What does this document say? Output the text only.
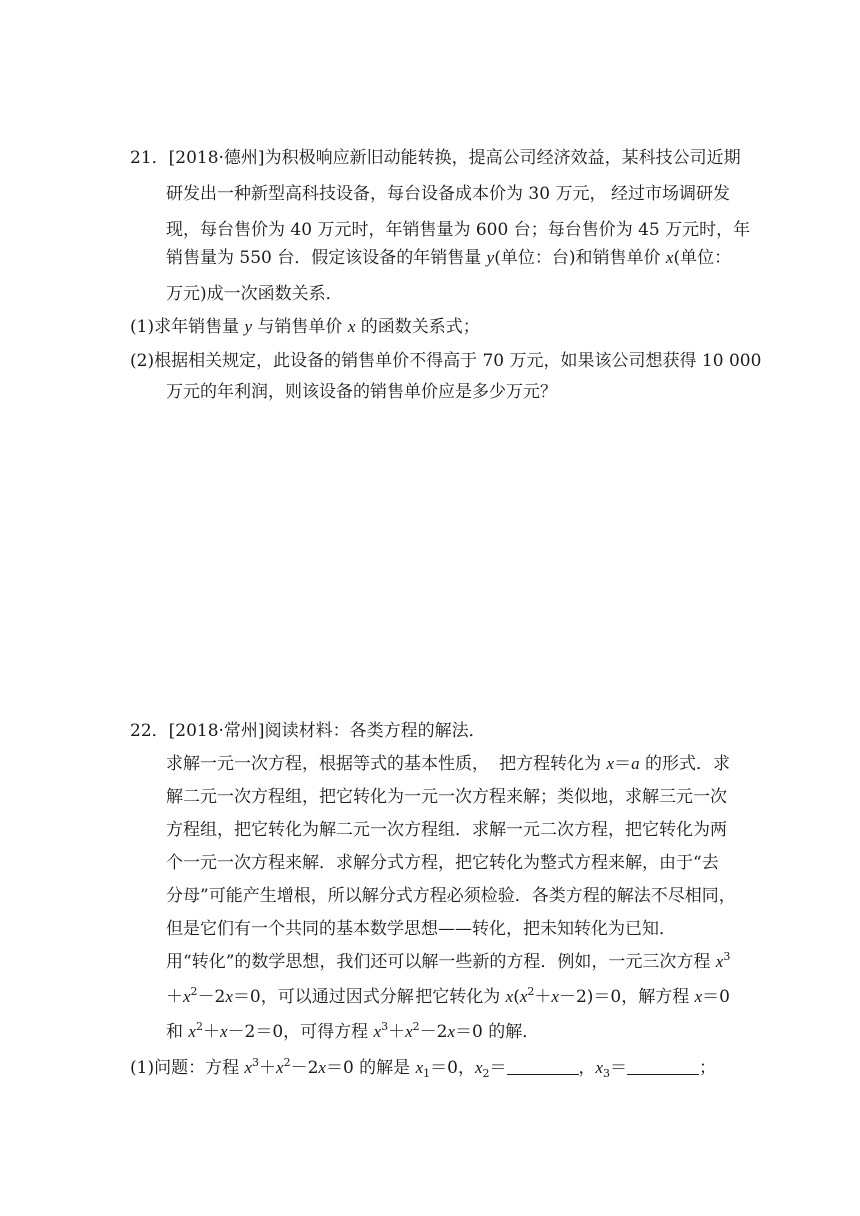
21．[2018·德州]为积极响应新旧动能转换， 提高公司经济效益，某科技公司近期
研发出一种新型高科技设备，每台设备成本价为 30 万元， 经过市场调研发
现，每台售价为 40 万元时，年销售量为 600 台； 每台售价为 45 万元时，年
销售量为 550 台．假定该设备的年销售量 y(单位：台) 和销售单价 x(单位：
万元)成一次函数关系．
(1)求年销售量 y 与销售单价 x 的函数关系式；
(2)根据相关规定，此设备的销售单价不得高于 70 万元， 如果该公司想获得 10 000
万元的年利润，则该设备的销售单价应是多少万元？
22．[2018·常州]阅读材料：各类方程的解法．
求解一元一次方程，根据等式的基本性质， 把方程转化为 x＝a 的形式．求
解二元一次方程组，把它转化为一元一次方程来解；类似地，求解三元一次
方程组，把它转化为解二元一次方程组．求解一元二次方程，把它转化为两
个一元一次方程来解．求解分式方程，把它转化为整式方程来解，由于“去
分母”可能产生增根，所以解分式方程必须检验．各类方程的解法不尽相同，
但是它们有一个共同的基本数学思想——转化，把未知转化为已知．
用“转化”的数学思想，我们还可以解一些新的方程． 例如，一元三次方程 $x^3$
$+x^2-2x=0$，可以通过因式分解 把它转化为 $x(x^2+x-2)=0$，解方程 x＝0
和 $x^2+x-2=0$，可得方程 $x^3+x^2-2x=0$ 的解．
(1)问题：方程 $x^3+x^2-2x=0$ 的解是 $x_1=0$，$x_2=$	，$x_3=$	；
